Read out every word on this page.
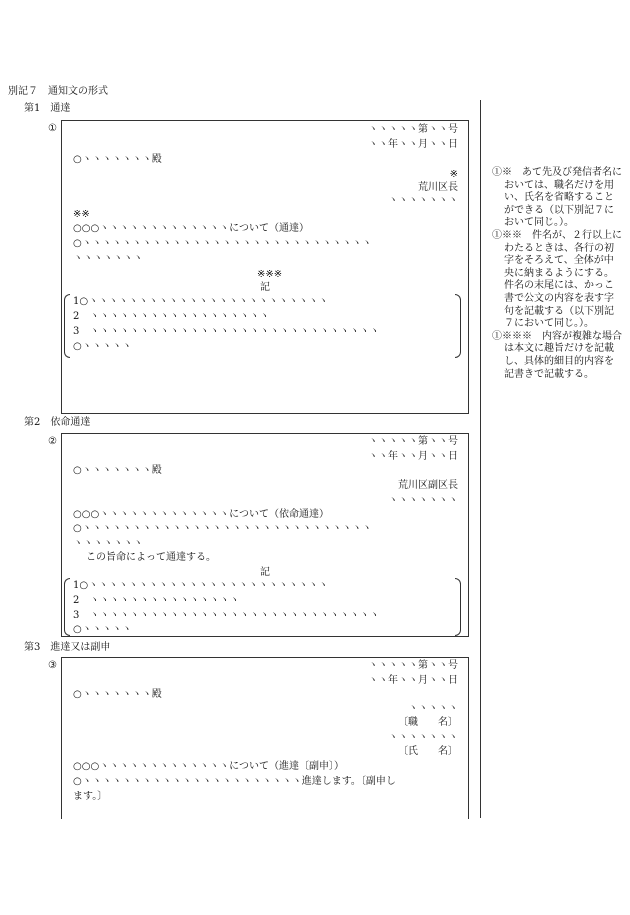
別記７　通知文の形式
第1　通達
①	ヽヽヽヽヽ第ヽヽ号
ヽヽ年ヽヽ月ヽヽ日
○ヽヽヽヽヽヽヽ殿
※
荒川区長
ヽヽヽヽヽヽヽ
※※
○○○ヽヽヽヽヽヽヽヽヽヽヽヽヽについて（通達）
○ヽヽヽヽヽヽヽヽヽヽヽヽヽヽヽヽヽヽヽヽヽヽヽヽヽヽヽヽヽ
ヽヽヽヽヽヽヽ
※※※
記
1○ヽヽヽヽヽヽヽヽヽヽヽヽヽヽヽヽヽヽヽヽヽヽヽヽ
2　ヽヽヽヽヽヽヽヽヽヽヽヽヽヽヽヽヽヽ
3　ヽヽヽヽヽヽヽヽヽヽヽヽヽヽヽヽヽヽヽヽヽヽヽヽヽヽヽヽヽ
○ヽヽヽヽヽ
第2　依命通達
②	ヽヽヽヽヽ第ヽヽ号
ヽヽ年ヽヽ月ヽヽ日
○ヽヽヽヽヽヽヽ殿
荒川区副区長
ヽヽヽヽヽヽヽ
○○○ヽヽヽヽヽヽヽヽヽヽヽヽヽについて（依命通達）
○ヽヽヽヽヽヽヽヽヽヽヽヽヽヽヽヽヽヽヽヽヽヽヽヽヽヽヽヽヽ
ヽヽヽヽヽヽヽ
この旨命によって通達する。
記
1○ヽヽヽヽヽヽヽヽヽヽヽヽヽヽヽヽヽヽヽヽヽヽヽヽ
2　ヽヽヽヽヽヽヽヽヽヽヽヽヽヽヽ
3　ヽヽヽヽヽヽヽヽヽヽヽヽヽヽヽヽヽヽヽヽヽヽヽヽヽヽヽヽヽ
○ヽヽヽヽヽ
第3　進達又は副申
③	ヽヽヽヽヽ第ヽヽ号
ヽヽ年ヽヽ月ヽヽ日
○ヽヽヽヽヽヽヽ殿
ヽヽヽヽヽ
〔職　　名〕
ヽヽヽヽヽヽヽ
〔氏　　名〕
○○○ヽヽヽヽヽヽヽヽヽヽヽヽヽについて（進達〔副申〕）
○ヽヽヽヽヽヽヽヽヽヽヽヽヽヽヽヽヽヽヽヽヽヽ進達します。〔副申し
ます。〕
①※　あて先及び発信者名においては、職名だけを用い、氏名を省略することができる（以下別記７において同じ。）。
①※※　件名が、２行以上にわたるときは、各行の初字をそろえて、全体が中央に納まるようにする。件名の末尾には、かっこ書で公文の内容を表す字句を記載する（以下別記７において同じ。）。
①※※※　内容が複雑な場合は本文に趣旨だけを記載し、具体的細目的内容を記書きで記載する。
